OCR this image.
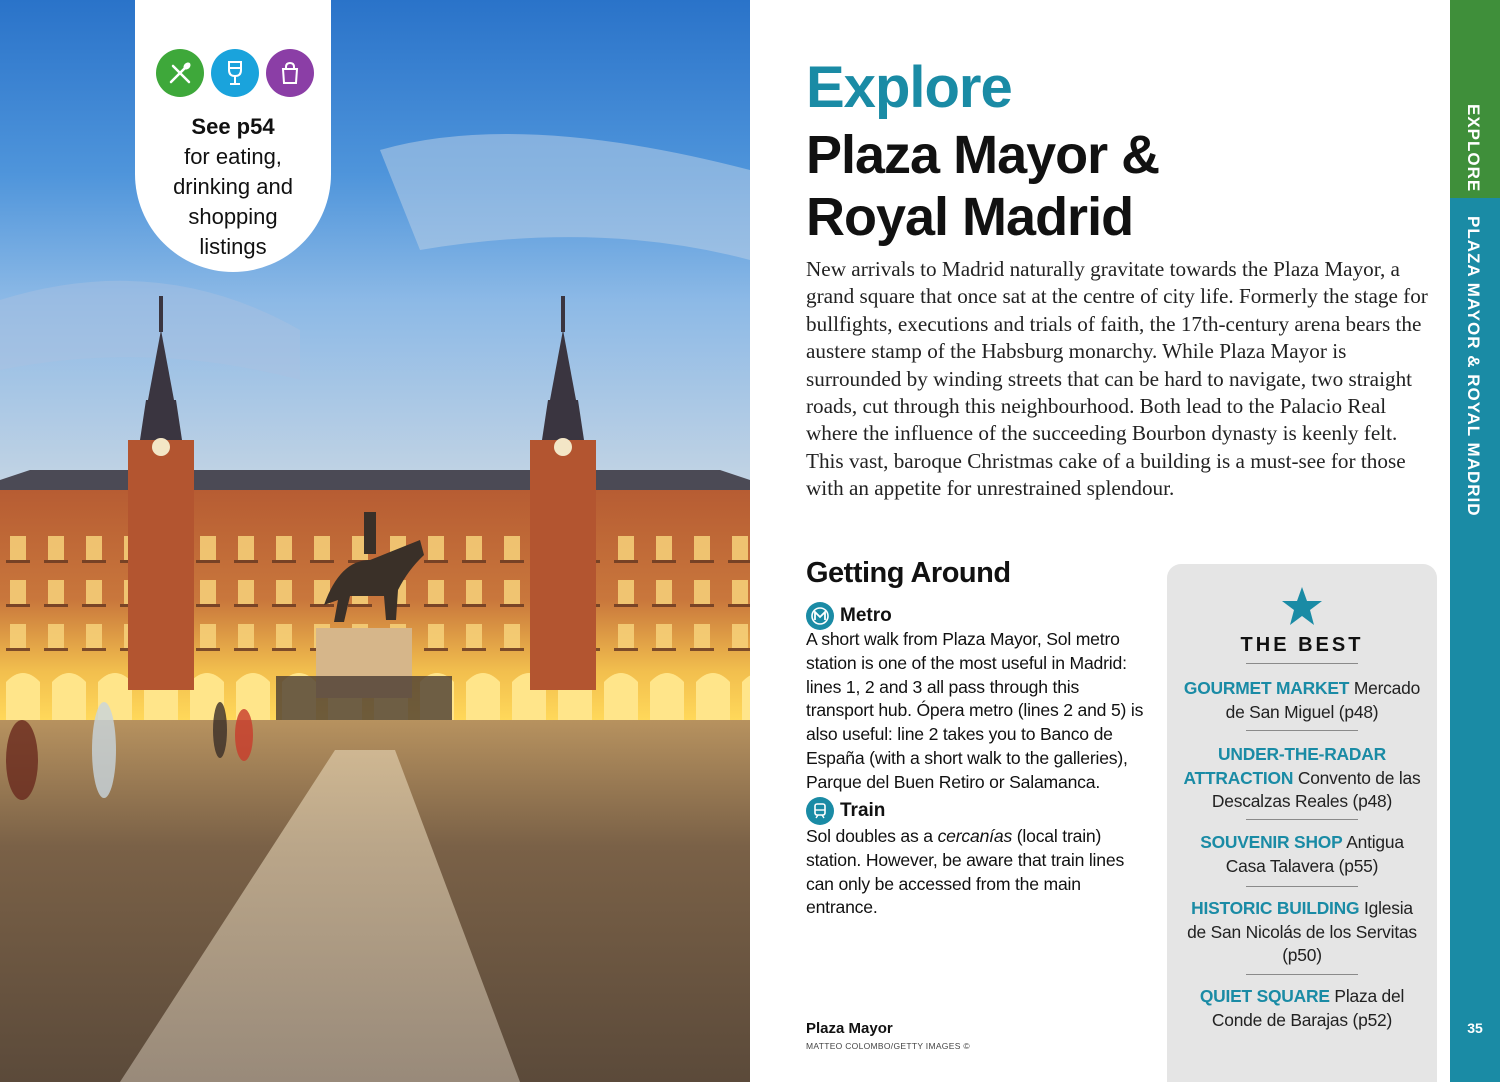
See p54
for eating,
drinking and
shopping
listings
Explore
Plaza Mayor &
Royal Madrid

New arrivals to Madrid naturally gravitate towards the Plaza Mayor, a grand square that once sat at the centre of city life. Formerly the stage for bullfights, executions and trials of faith, the 17th-century arena bears the austere stamp of the Habsburg monarchy. While Plaza Mayor is surrounded by winding streets that can be hard to navigate, two straight roads, cut through this neighbourhood. Both lead to the Palacio Real where the influence of the succeeding Bourbon dynasty is keenly felt. This vast, baroque Christmas cake of a building is a must-see for those with an appetite for unrestrained splendour.

Getting Around
Metro

A short walk from Plaza Mayor, Sol metro station is one of the most useful in Madrid: lines 1, 2 and 3 all pass through this transport hub. Ópera metro (lines 2 and 5) is also useful: line 2 takes you to Banco de España (with a short walk to the galleries), Parque del Buen Retiro or Salamanca.

Train

Sol doubles as a cercanías (local train) station. However, be aware that train lines can only be accessed from the main entrance.

Plaza Mayor
MATTEO COLOMBO/GETTY IMAGES ©
THE BEST
GOURMET MARKET Mercado de San Miguel (p48)
UNDER-THE-RADAR ATTRACTION Convento de las Descalzas Reales (p48)
SOUVENIR SHOP Antigua Casa Talavera (p55)
HISTORIC BUILDING Iglesia de San Nicolás de los Servitas (p50)
QUIET SQUARE Plaza del Conde de Barajas (p52)
EXPLORE
PLAZA MAYOR & ROYAL MADRID
35
